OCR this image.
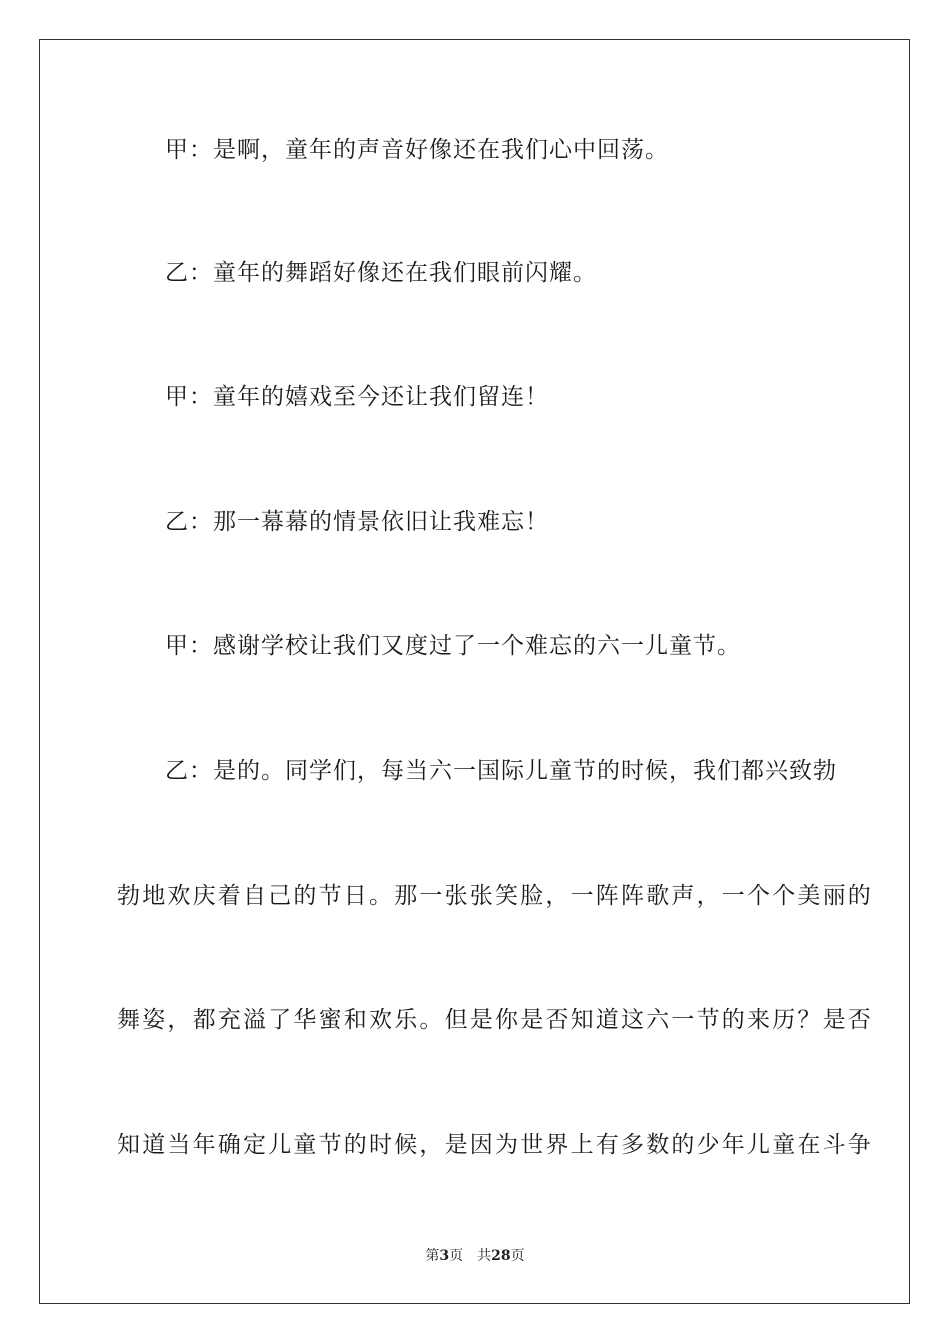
甲：是啊，童年的声音好像还在我们心中回荡。
乙：童年的舞蹈好像还在我们眼前闪耀。
甲：童年的嬉戏至今还让我们留连！
乙：那一幕幕的情景依旧让我难忘！
甲：感谢学校让我们又度过了一个难忘的六一儿童节。
乙：是的。同学们，每当六一国际儿童节的时候，我们都兴致勃
勃地欢庆着自己的节日。那一张张笑脸，一阵阵歌声，一个个美丽的
舞姿，都充溢了华蜜和欢乐。但是你是否知道这六一节的来历？是否
知道当年确定儿童节的时候，是因为世界上有多数的少年儿童在斗争
第3页 共28页
